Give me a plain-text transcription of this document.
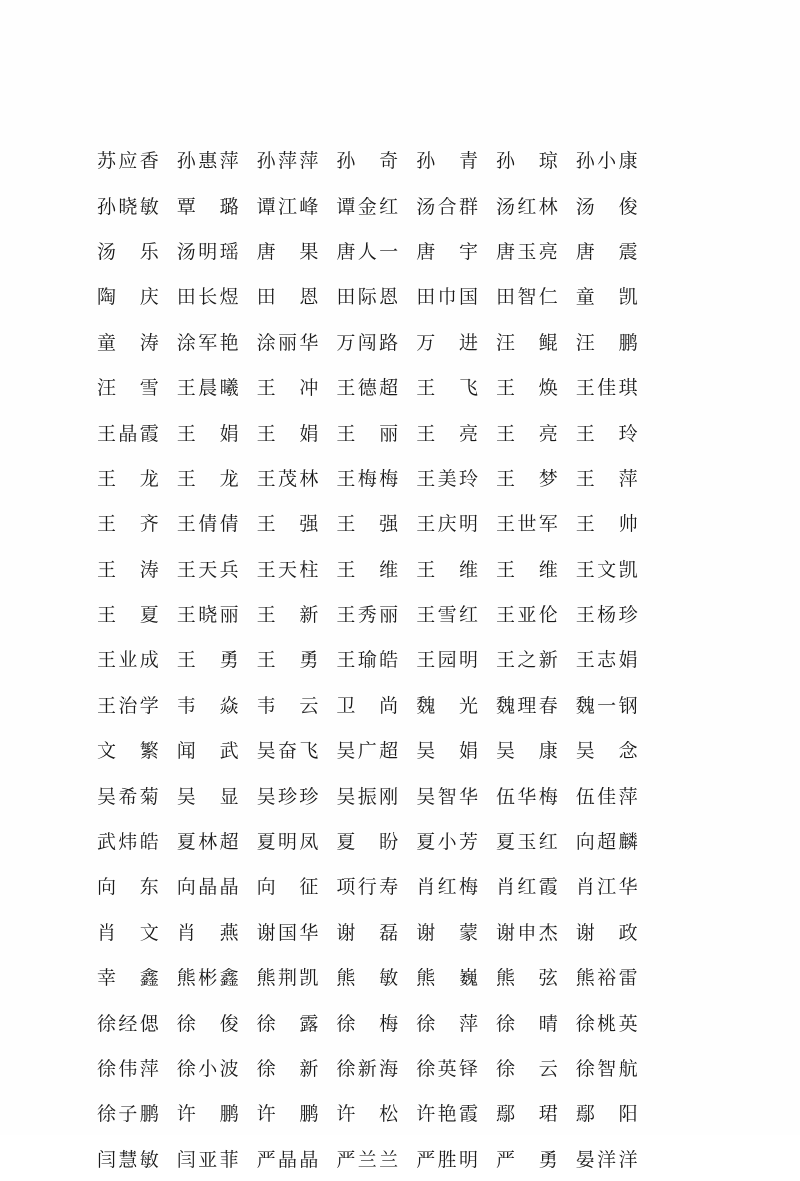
苏应香 孙惠萍 孙萍萍 孙　奇 孙　青 孙　琼 孙小康
孙晓敏 覃　璐 谭江峰 谭金红 汤合群 汤红林 汤　俊
汤　乐 汤明瑶 唐　果 唐人一 唐　宇 唐玉亮 唐　震
陶　庆 田长煜 田　恩 田际恩 田巾国 田智仁 童　凯
童　涛 涂军艳 涂丽华 万闯路 万　进 汪　鲲 汪　鹏
汪　雪 王晨曦 王　冲 王德超 王　飞 王　焕 王佳琪
王晶霞 王　娟 王　娟 王　丽 王　亮 王　亮 王　玲
王　龙 王　龙 王茂林 王梅梅 王美玲 王　梦 王　萍
王　齐 王倩倩 王　强 王　强 王庆明 王世军 王　帅
王　涛 王天兵 王天柱 王　维 王　维 王　维 王文凯
王　夏 王晓丽 王　新 王秀丽 王雪红 王亚伦 王杨珍
王业成 王　勇 王　勇 王瑜皓 王园明 王之新 王志娟
王治学 韦　焱 韦　云 卫　尚 魏　光 魏理春 魏一钢
文　繁 闻　武 吴奋飞 吴广超 吴　娟 吴　康 吴　念
吴希菊 吴　显 吴珍珍 吴振刚 吴智华 伍华梅 伍佳萍
武炜皓 夏林超 夏明凤 夏　盼 夏小芳 夏玉红 向超麟
向　东 向晶晶 向　征 项行寿 肖红梅 肖红霞 肖江华
肖　文 肖　燕 谢国华 谢　磊 谢　蒙 谢申杰 谢　政
幸　鑫 熊彬鑫 熊荆凯 熊　敏 熊　巍 熊　弦 熊裕雷
徐经偲 徐　俊 徐　露 徐　梅 徐　萍 徐　晴 徐桃英
徐伟萍 徐小波 徐　新 徐新海 徐英铎 徐　云 徐智航
徐子鹏 许　鹏 许　鹏 许　松 许艳霞 鄢　珺 鄢　阳
闫慧敏 闫亚菲 严晶晶 严兰兰 严胜明 严　勇 晏洋洋
